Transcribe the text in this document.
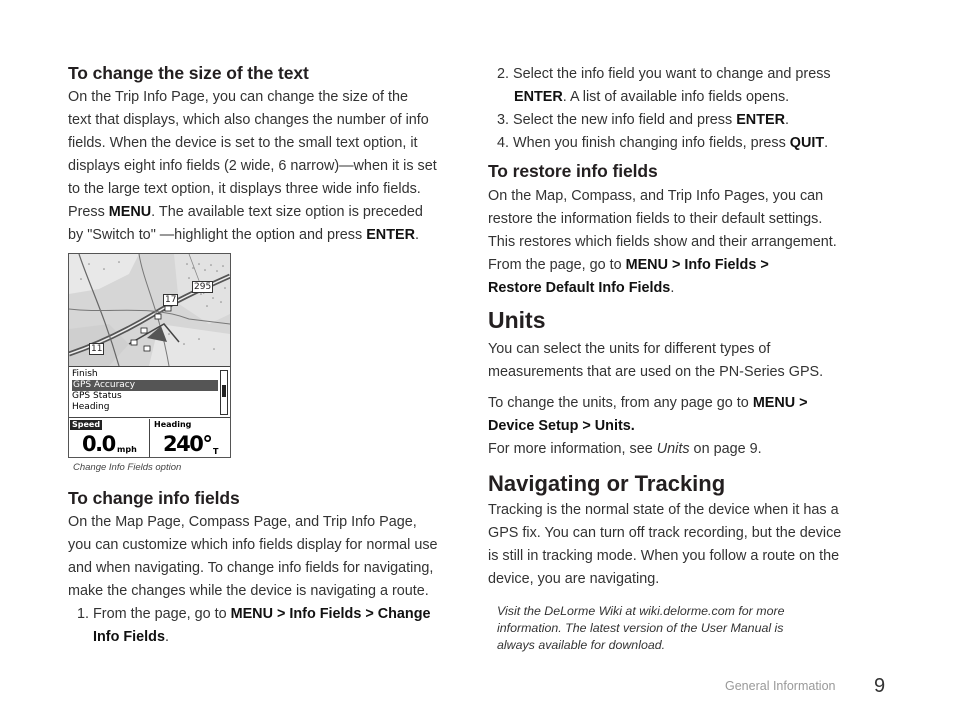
To change the size of the text
On the Trip Info Page, you can change the size of the
text that displays, which also changes the number of info
fields. When the device is set to the small text option, it
displays eight info fields (2 wide, 6 narrow)—when it is set
to the large text option, it displays three wide info fields.
Press MENU. The available text size option is preceded
by "Switch to" —highlight the option and press ENTER.
295
17
11
Finish
GPS Accuracy
GPS Status
Heading
Speed
0.0 mph
Heading
240° T
Change Info Fields option
To change info fields
On the Map Page, Compass Page, and Trip Info Page,
you can customize which info fields display for normal use
and when navigating. To change info fields for navigating,
make the changes while the device is navigating a route.
1. From the page, go to MENU > Info Fields > Change
Info Fields.
2. Select the info field you want to change and press
ENTER. A list of available info fields opens.
3. Select the new info field and press ENTER.
4. When you finish changing info fields, press QUIT.
To restore info fields
On the Map, Compass, and Trip Info Pages, you can
restore the information fields to their default settings.
This restores which fields show and their arrangement.
From the page, go to MENU > Info Fields >
Restore Default Info Fields.
Units
You can select the units for different types of
measurements that are used on the PN-Series GPS.
To change the units, from any page go to MENU >
Device Setup > Units.
For more information, see Units on page 9.
Navigating or Tracking
Tracking is the normal state of the device when it has a
GPS fix. You can turn off track recording, but the device
is still in tracking mode. When you follow a route on the
device, you are navigating.
Visit the DeLorme Wiki at wiki.delorme.com for more
information. The latest version of the User Manual is
always available for download.
General Information 9
